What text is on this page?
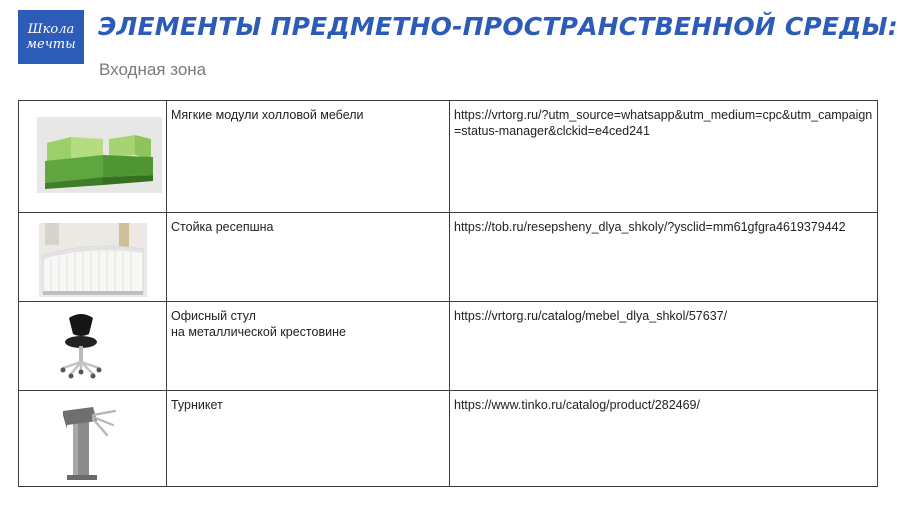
Школа
мечты
ЭЛЕМЕНТЫ ПРЕДМЕТНО-ПРОСТРАНСТВЕННОЙ СРЕДЫ:
Входная зона
	Мягкие модули холловой мебели	https://vrtorg.ru/?utm_source=whatsapp&utm_medium=cpc&utm_campaign=status-manager&clckid=e4ced241

	Стойка ресепшна	https://tob.ru/resepsheny_dlya_shkoly/?ysclid=mm61gfgra4619379442

	Офисный стул
на металлической крестовине	https://vrtorg.ru/catalog/mebel_dlya_shkol/57637/

	Турникет	https://www.tinko.ru/catalog/product/282469/
